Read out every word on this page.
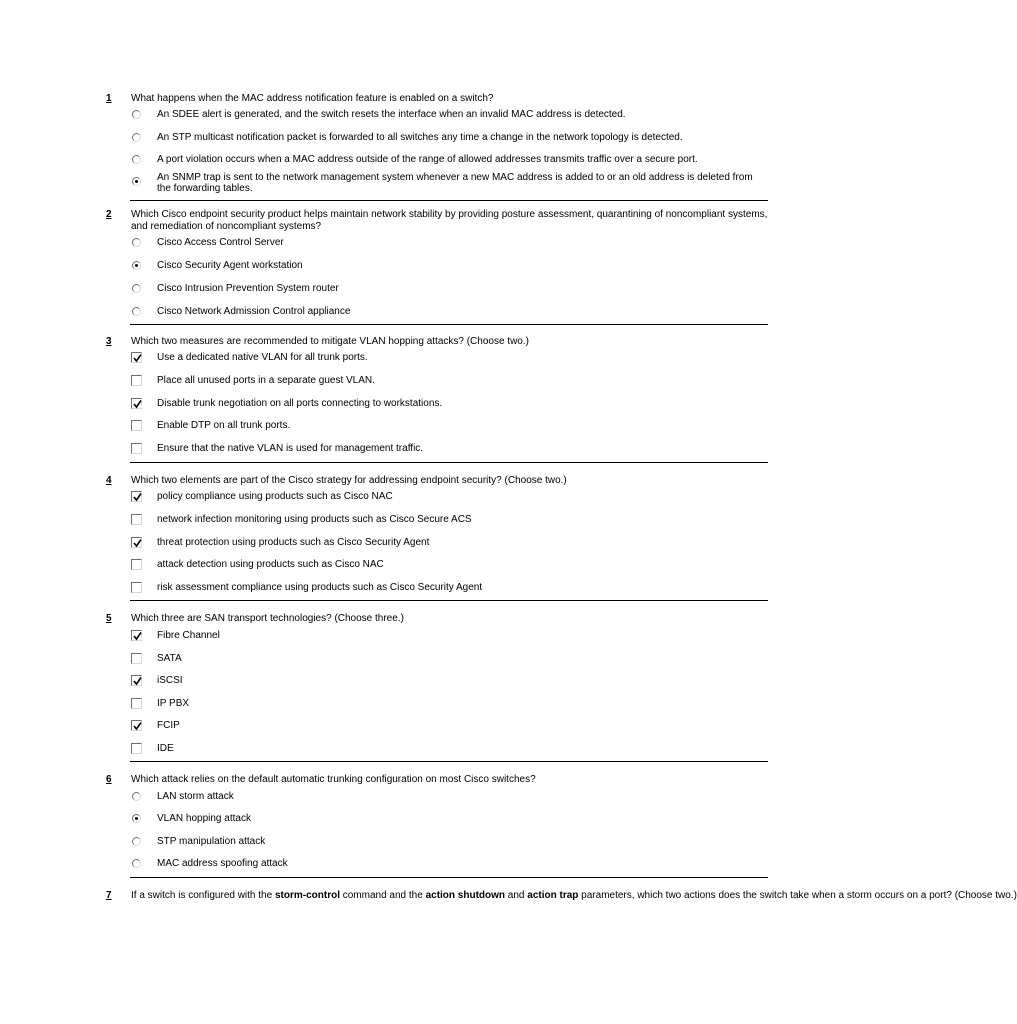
1 What happens when the MAC address notification feature is enabled on a switch?
An SDEE alert is generated, and the switch resets the interface when an invalid MAC address is detected.
An STP multicast notification packet is forwarded to all switches any time a change in the network topology is detected.
A port violation occurs when a MAC address outside of the range of allowed addresses transmits traffic over a secure port.
An SNMP trap is sent to the network management system whenever a new MAC address is added to or an old address is deleted from the forwarding tables.
2 Which Cisco endpoint security product helps maintain network stability by providing posture assessment, quarantining of noncompliant systems, and remediation of noncompliant systems?
Cisco Access Control Server
Cisco Security Agent workstation
Cisco Intrusion Prevention System router
Cisco Network Admission Control appliance
3 Which two measures are recommended to mitigate VLAN hopping attacks? (Choose two.)
Use a dedicated native VLAN for all trunk ports.
Place all unused ports in a separate guest VLAN.
Disable trunk negotiation on all ports connecting to workstations.
Enable DTP on all trunk ports.
Ensure that the native VLAN is used for management traffic.
4 Which two elements are part of the Cisco strategy for addressing endpoint security? (Choose two.)
policy compliance using products such as Cisco NAC
network infection monitoring using products such as Cisco Secure ACS
threat protection using products such as Cisco Security Agent
attack detection using products such as Cisco NAC
risk assessment compliance using products such as Cisco Security Agent
5 Which three are SAN transport technologies? (Choose three.)
Fibre Channel
SATA
iSCSI
IP PBX
FCIP
IDE
6 Which attack relies on the default automatic trunking configuration on most Cisco switches?
LAN storm attack
VLAN hopping attack
STP manipulation attack
MAC address spoofing attack
7 If a switch is configured with the storm-control command and the action shutdown and action trap parameters, which two actions does the switch take when a storm occurs on a port? (Choose two.)
